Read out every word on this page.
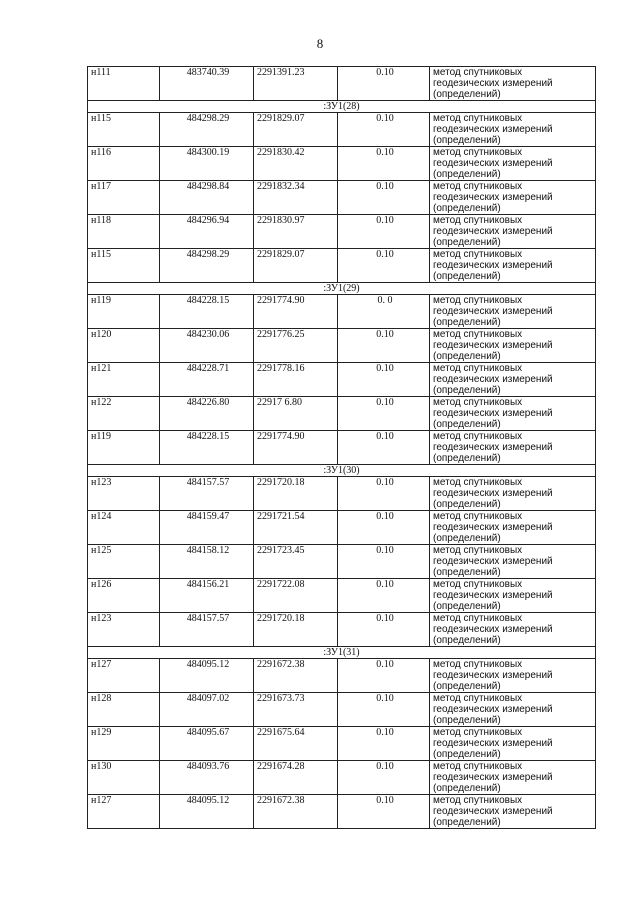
8
н111	483740.39	2291391.23	0.10	метод спутниковых
геодезических измерений
(определений)

:ЗУ1(28)				
н115	484298.29	2291829.07	0.10	метод спутниковых
геодезических измерений
(определений)

н116	484300.19	2291830.42	0.10	метод спутниковых
геодезических измерений
(определений)

н117	484298.84	2291832.34	0.10	метод спутниковых
геодезических измерений
(определений)

н118	484296.94	2291830.97	0.10	метод спутниковых
геодезических измерений
(определений)

н115	484298.29	2291829.07	0.10	метод спутниковых
геодезических измерений
(определений)

:ЗУ1(29)				
н119	484228.15	2291774.90	0. 0	метод спутниковых
геодезических измерений
(определений)

н120	484230.06	2291776.25	0.10	метод спутниковых
геодезических измерений
(определений)

н121	484228.71	2291778.16	0.10	метод спутниковых
геодезических измерений
(определений)

н122	484226.80	22917 6.80	0.10	метод спутниковых
геодезических измерений
(определений)

н119	484228.15	2291774.90	0.10	метод спутниковых
геодезических измерений
(определений)

:ЗУ1(30)				
н123	484157.57	2291720.18	0.10	метод спутниковых
геодезических измерений
(определений)

н124	484159.47	2291721.54	0.10	метод спутниковых
геодезических измерений
(определений)

н125	484158.12	2291723.45	0.10	метод спутниковых
геодезических измерений
(определений)

н126	484156.21	2291722.08	0.10	метод спутниковых
геодезических измерений
(определений)

н123	484157.57	2291720.18	0.10	метод спутниковых
геодезических измерений
(определений)

:ЗУ1(31)				
н127	484095.12	2291672.38	0.10	метод спутниковых
геодезических измерений
(определений)

н128	484097.02	2291673.73	0.10	метод спутниковых
геодезических измерений
(определений)

н129	484095.67	2291675.64	0.10	метод спутниковых
геодезических измерений
(определений)

н130	484093.76	2291674.28	0.10	метод спутниковых
геодезических измерений
(определений)

н127	484095.12	2291672.38	0.10	метод спутниковых
геодезических измерений
(определений)
